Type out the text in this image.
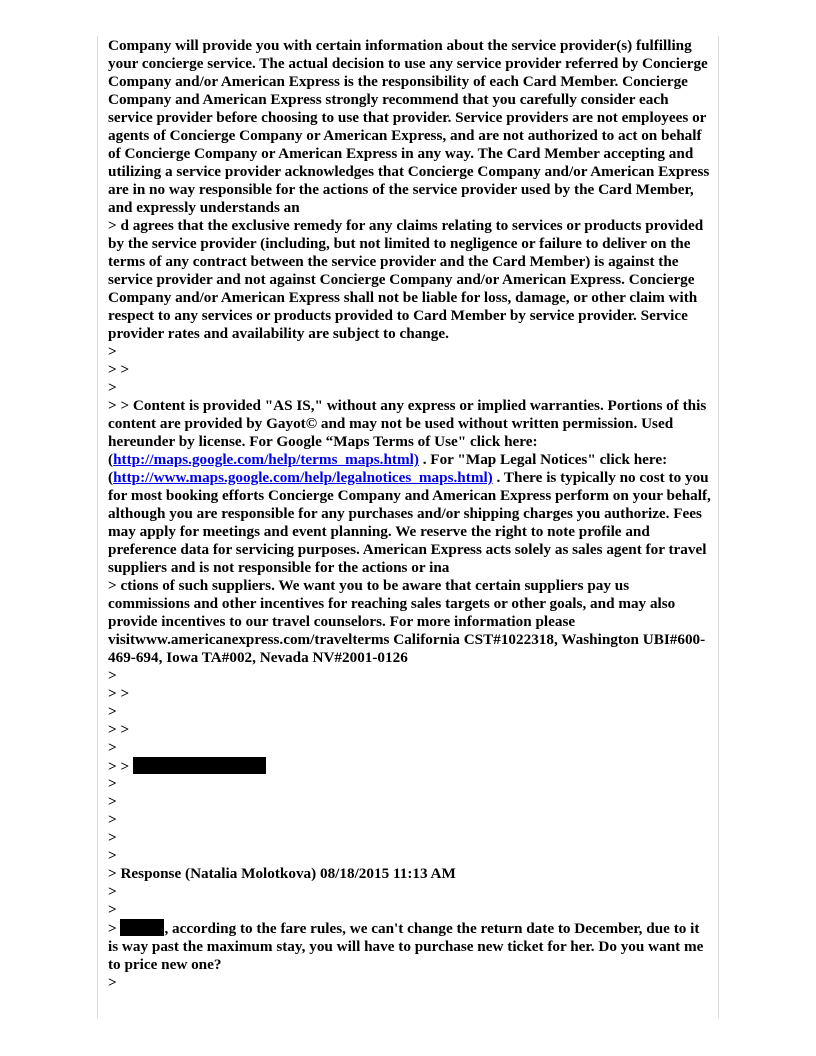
Company will provide you with certain information about the service provider(s) fulfilling your concierge service. The actual decision to use any service provider referred by Concierge Company and/or American Express is the responsibility of each Card Member. Concierge Company and American Express strongly recommend that you carefully consider each service provider before choosing to use that provider. Service providers are not employees or agents of Concierge Company or American Express, and are not authorized to act on behalf of Concierge Company or American Express in any way. The Card Member accepting and utilizing a service provider acknowledges that Concierge Company and/or American Express are in no way responsible for the actions of the service provider used by the Card Member, and expressly understands an

> d agrees that the exclusive remedy for any claims relating to services or products provided by the service provider (including, but not limited to negligence or failure to deliver on the terms of any contract between the service provider and the Card Member) is against the service provider and not against Concierge Company and/or American Express. Concierge Company and/or American Express shall not be liable for loss, damage, or other claim with respect to any services or products provided to Card Member by service provider. Service provider rates and availability are subject to change.

>
> >
>

> > Content is provided "AS IS," without any express or implied warranties. Portions of this content are provided by Gayot© and may not be used without written permission. Used hereunder by license. For Google “Maps Terms of Use" click here: (http://maps.google.com/help/terms_maps.html) . For "Map Legal Notices" click here: (http://www.maps.google.com/help/legalnotices_maps.html) . There is typically no cost to you for most booking efforts Concierge Company and American Express perform on your behalf, although you are responsible for any purchases and/or shipping charges you authorize. Fees may apply for meetings and event planning. We reserve the right to note profile and preference data for servicing purposes. American Express acts solely as sales agent for travel suppliers and is not responsible for the actions or ina

> ctions of such suppliers. We want you to be aware that certain suppliers pay us commissions and other incentives for reaching sales targets or other goals, and may also provide incentives to our travel counselors. For more information please visitwww.americanexpress.com/travelterms California CST#1022318, Washington UBI#600-469-694, Iowa TA#002, Nevada NV#2001-0126

>
> >
>
> >
>
> >
>
>
>
>
>
> Response (Natalia Molotkova) 08/18/2015 11:13 AM
>
>

>	, according to the fare rules, we can't change the return date to December, due to it is way past the maximum stay, you will have to purchase new ticket for her. Do you want me to price new one?

>
